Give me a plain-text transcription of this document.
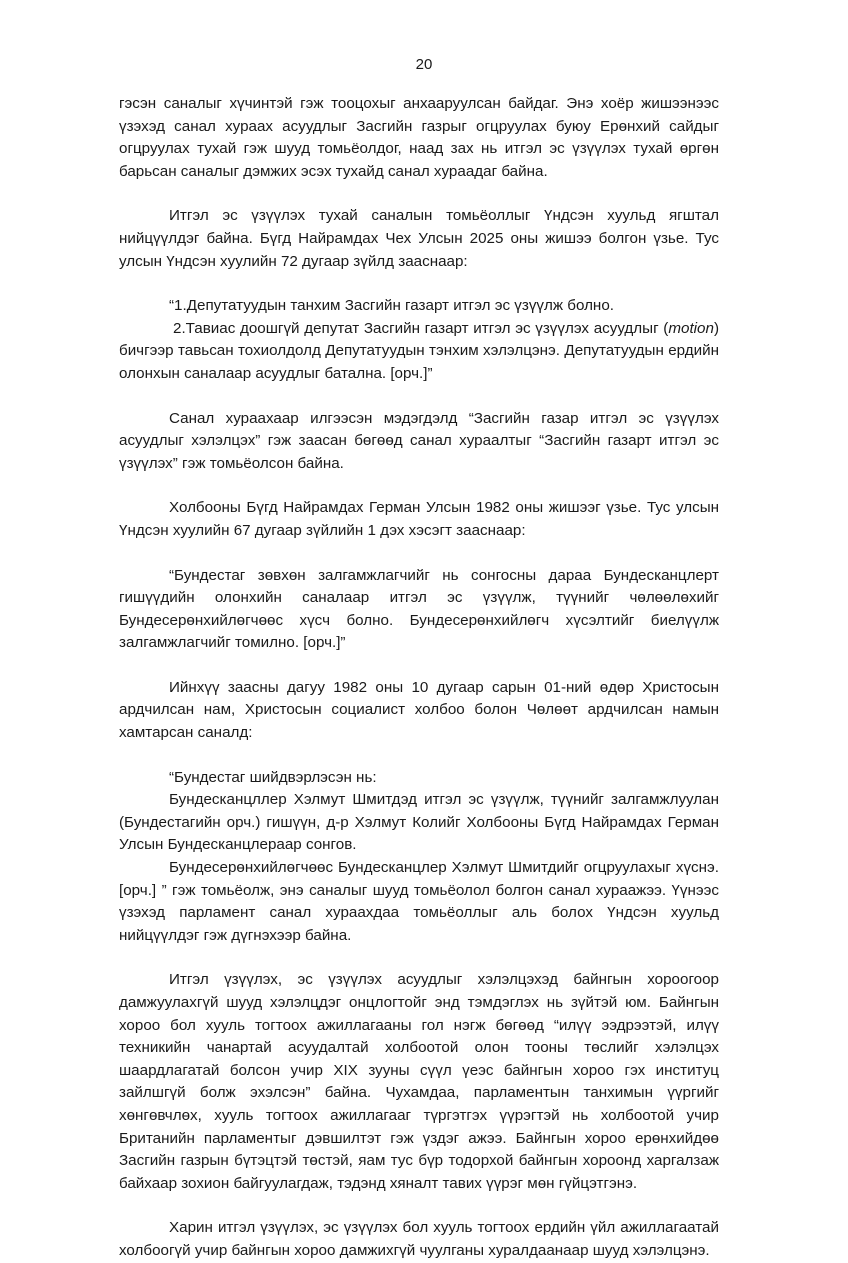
20

гэсэн саналыг хүчинтэй гэж тооцохыг анхааруулсан байдаг. Энэ хоёр жишээнээс үзэхэд санал хураах асуудлыг Засгийн газрыг огцруулах буюу Ерөнхий сайдыг огцруулах тухай гэж шууд томьёолдог, наад зах нь итгэл эс үзүүлэх тухай өргөн барьсан саналыг дэмжих эсэх тухайд санал хураадаг байна.

Итгэл эс үзүүлэх тухай саналын томьёоллыг Үндсэн хуульд ягштал нийцүүлдэг байна. Бүгд Найрамдах Чех Улсын 2025 оны жишээ болгон үзье. Тус улсын Үндсэн хуулийн 72 дугаар зүйлд зааснаар:

“1.Депутатуудын танхим Засгийн газарт итгэл эс үзүүлж болно.

2.Тавиас доошгүй депутат Засгийн газарт итгэл эс үзүүлэх асуудлыг (motion) бичгээр тавьсан тохиолдолд Депутатуудын тэнхим хэлэлцэнэ. Депутатуудын ердийн олонхын саналаар асуудлыг батална. [орч.]”

Санал хураахаар илгээсэн мэдэгдэлд “Засгийн газар итгэл эс үзүүлэх асуудлыг хэлэлцэх” гэж заасан бөгөөд санал хураалтыг “Засгийн газарт итгэл эс үзүүлэх” гэж томьёолсон байна.

Холбооны Бүгд Найрамдах Герман Улсын 1982 оны жишээг үзье. Тус улсын Үндсэн хуулийн 67 дугаар зүйлийн 1 дэх хэсэгт зааснаар:

“Бундестаг зөвхөн залгамжлагчийг нь сонгосны дараа Бундесканцлерт гишүүдийн олонхийн саналаар итгэл эс үзүүлж, түүнийг чөлөөлөхийг Бундесерөнхийлөгчөөс хүсч болно. Бундесерөнхийлөгч хүсэлтийг биелүүлж залгамжлагчийг томилно. [орч.]”

Ийнхүү заасны дагуу 1982 оны 10 дугаар сарын 01-ний өдөр Христосын ардчилсан нам, Христосын социалист холбоо болон Чөлөөт ардчилсан намын хамтарсан саналд:

“Бундестаг шийдвэрлэсэн нь:

Бундесканцллер Хэлмут Шмитдэд итгэл эс үзүүлж, түүнийг залгамжлуулан (Бундестагийн орч.) гишүүн, д-р Хэлмут Колийг Холбооны Бүгд Найрамдах Герман Улсын Бундесканцлераар сонгов.

Бундесерөнхийлөгчөөс Бундесканцлер Хэлмут Шмитдийг огцруулахыг хүснэ. [орч.] ” гэж томьёолж, энэ саналыг шууд томьёолол болгон санал хураажээ. Үүнээс үзэхэд парламент санал хураахдаа томьёоллыг аль болох Үндсэн хуульд нийцүүлдэг гэж дүгнэхээр байна.

Итгэл үзүүлэх, эс үзүүлэх асуудлыг хэлэлцэхэд байнгын хороогоор дамжуулахгүй шууд хэлэлцдэг онцлогтойг энд тэмдэглэх нь зүйтэй юм. Байнгын хороо бол хууль тогтоох ажиллагааны гол нэгж бөгөөд “илүү ээдрээтэй, илүү техникийн чанартай асуудалтай холбоотой олон тооны төслийг хэлэлцэх шаардлагатай болсон учир XIX зууны сүүл үеэс байнгын хороо гэх институц зайлшгүй болж эхэлсэн” байна. Чухамдаа, парламентын танхимын үүргийг хөнгөвчлөх, хууль тогтоох ажиллагааг түргэтгэх үүрэгтэй нь холбоотой учир Британийн парламентыг дэвшилтэт гэж үздэг ажээ. Байнгын хороо ерөнхийдөө Засгийн газрын бүтэцтэй төстэй, яам тус бүр тодорхой байнгын хороонд харгалзаж байхаар зохион байгуулагдаж, тэдэнд хяналт тавих үүрэг мөн гүйцэтгэнэ.

Харин итгэл үзүүлэх, эс үзүүлэх бол хууль тогтоох ердийн үйл ажиллагаатай холбоогүй учир байнгын хороо дамжихгүй чуулганы хуралдаанаар шууд хэлэлцэнэ.
